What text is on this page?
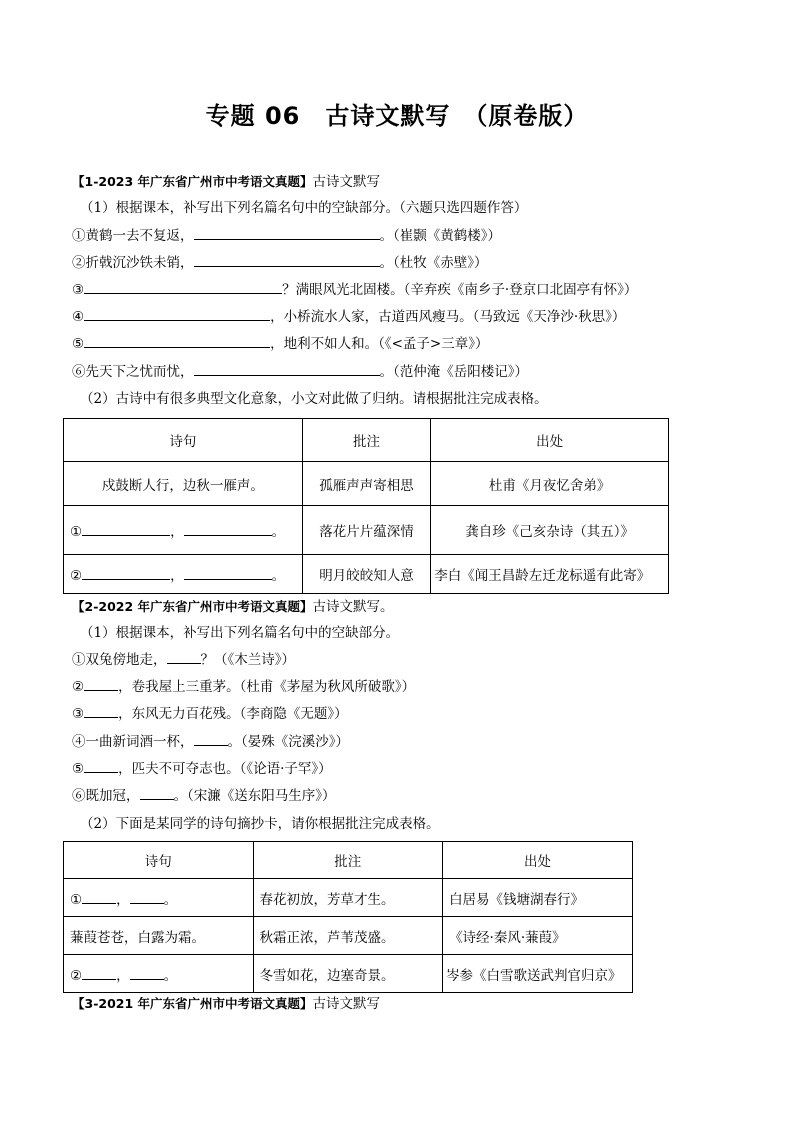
专题 06　古诗文默写　（原卷版）
【1-2023 年广东省广州市中考语文真题】古诗文默写
（1）根据课本，补写出下列名篇名句中的空缺部分。（六题只选四题作答）
①黄鹤一去不复返，	。（崔颢《黄鹤楼》）
②折戟沉沙铁未销，	。（杜牧《赤壁》）
③	？满眼风光北固楼。（辛弃疾《南乡子·登京口北固亭有怀》）
④	，小桥流水人家，古道西风瘦马。（马致远《天净沙·秋思》）
⑤	，地利不如人和。（《<孟子>三章》）
⑥先天下之忧而忧，	。（范仲淹《岳阳楼记》）
（2）古诗中有很多典型文化意象，小文对此做了归纳。请根据批注完成表格。
诗句	批注	出处
戍鼓断人行，边秋一雁声。	孤雁声声寄相思	杜甫《月夜忆舍弟》
① ， 。	落花片片蕴深情	龚自珍《己亥杂诗（其五）》
② ， 。	明月皎皎知人意	李白《闻王昌龄左迁龙标遥有此寄》
【2-2022 年广东省广州市中考语文真题】古诗文默写。
（1）根据课本，补写出下列名篇名句中的空缺部分。
①双兔傍地走，	？（《木兰诗》）
②	，卷我屋上三重茅。（杜甫《茅屋为秋风所破歌》）
③	，东风无力百花残。（李商隐《无题》）
④一曲新词酒一杯，	。（晏殊《浣溪沙》）
⑤	，匹夫不可夺志也。（《论语·子罕》）
⑥既加冠，	。（宋濂《送东阳马生序》）
（2）下面是某同学的诗句摘抄卡，请你根据批注完成表格。
诗句	批注	出处
① ， 。	春花初放，芳草才生。	白居易《钱塘湖春行》
蒹葭苍苍，白露为霜。	秋霜正浓，芦苇茂盛。	《诗经·秦风·蒹葭》
② ， 。	冬雪如花，边塞奇景。	岑参《白雪歌送武判官归京》
【3-2021 年广东省广州市中考语文真题】古诗文默写
